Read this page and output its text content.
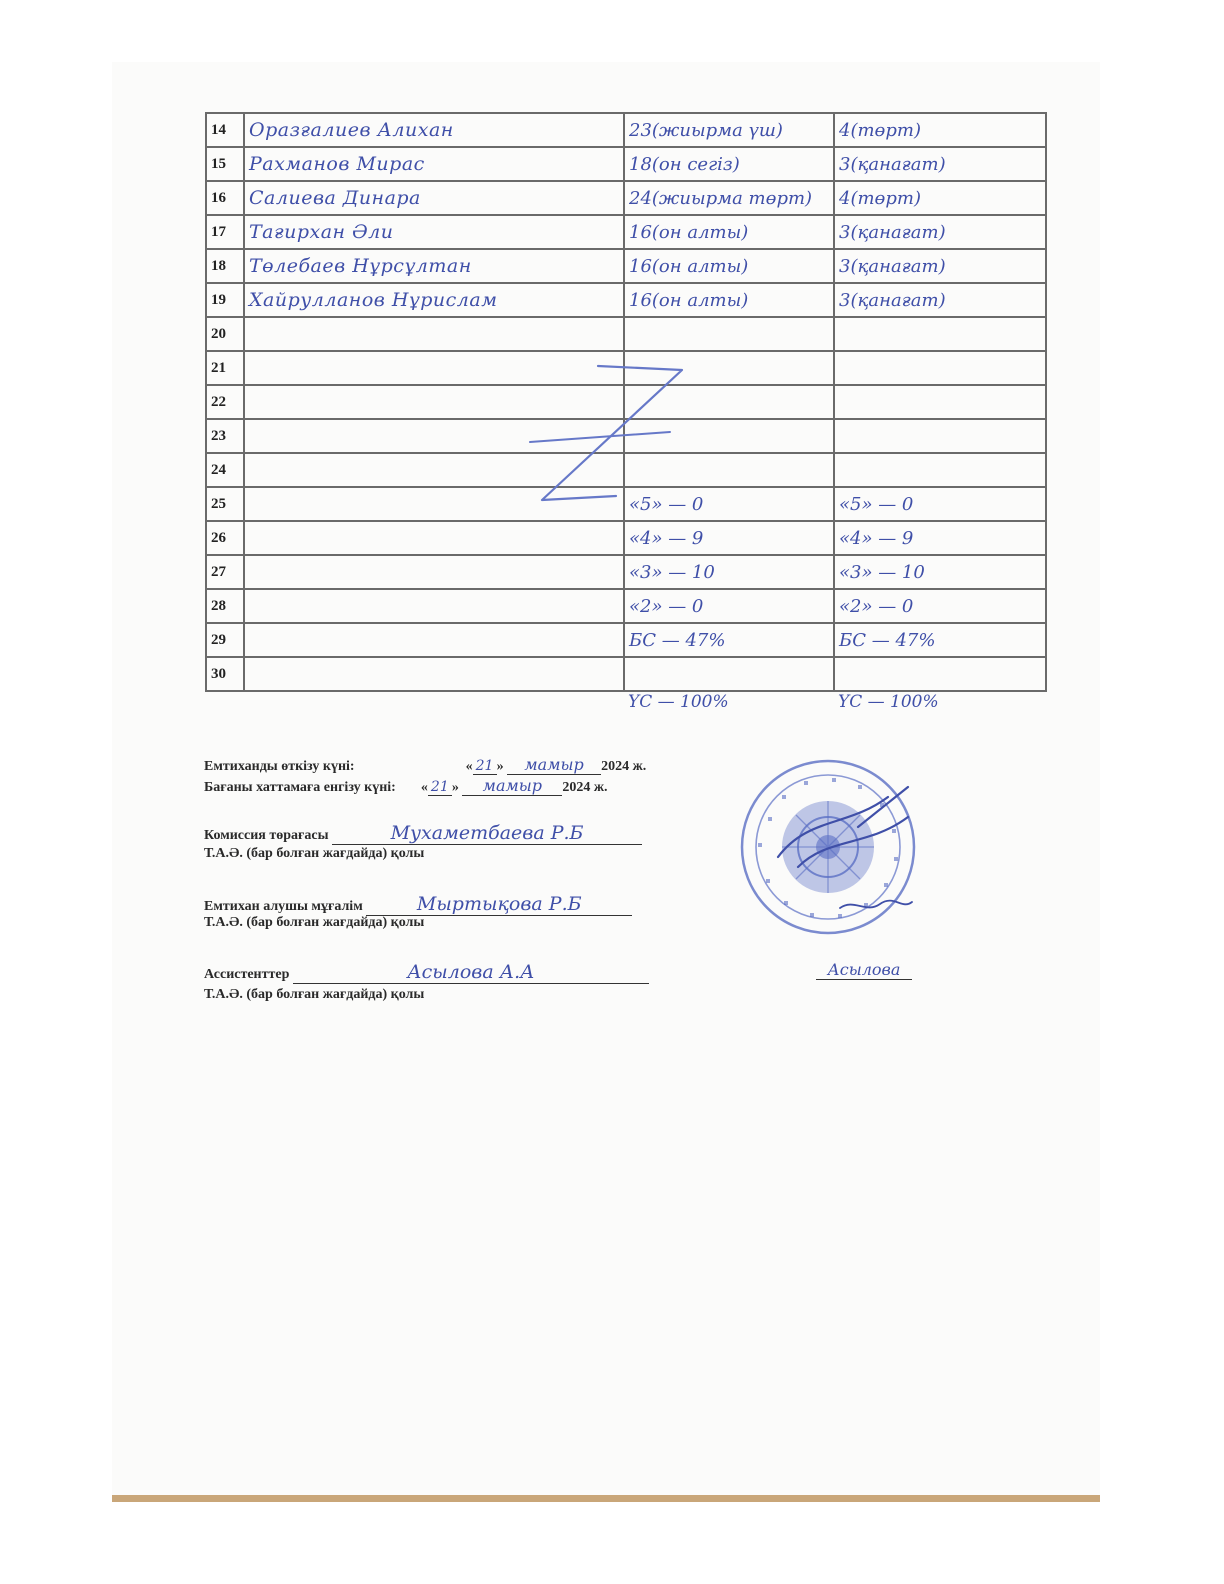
14	Оразғалиев Алихан	23(жиырма үш)	4(төрт)
15	Рахманов Мирас	18(он сегіз)	3(қанағат)
16	Салиева Динара	24(жиырма төрт)	4(төрт)
17	Тағирхан Әли	16(он алты)	3(қанағат)
18	Төлебаев Нұрсұлтан	16(он алты)	3(қанағат)
19	Хайрулланов Нұрислам	16(он алты)	3(қанағат)
20			
21			
22			
23			
24			
25		«5» — 0	«5» — 0
26		«4» — 9	«4» — 9
27		«3» — 10	«3» — 10
28		«2» — 0	«2» — 0
29		БС — 47%	БС — 47%
30			
		ҮС — 100%	ҮС — 100%
Емтиханды өткізу күні:	« 21 » мамыр 2024 ж.
Бағаны хаттамаға енгізу күні:  « 21 » мамыр 2024 ж.
Комиссия төрағасы	Мухаметбаева Р.Б
Т.А.Ә. (бар болған жағдайда) қолы
Емтихан алушы мұғалім	Мыртықова Р.Б
Т.А.Ә. (бар болған жағдайда) қолы
Ассистенттер	Асылова А.А
Т.А.Ә. (бар болған жағдайда) қолы
Асылова
